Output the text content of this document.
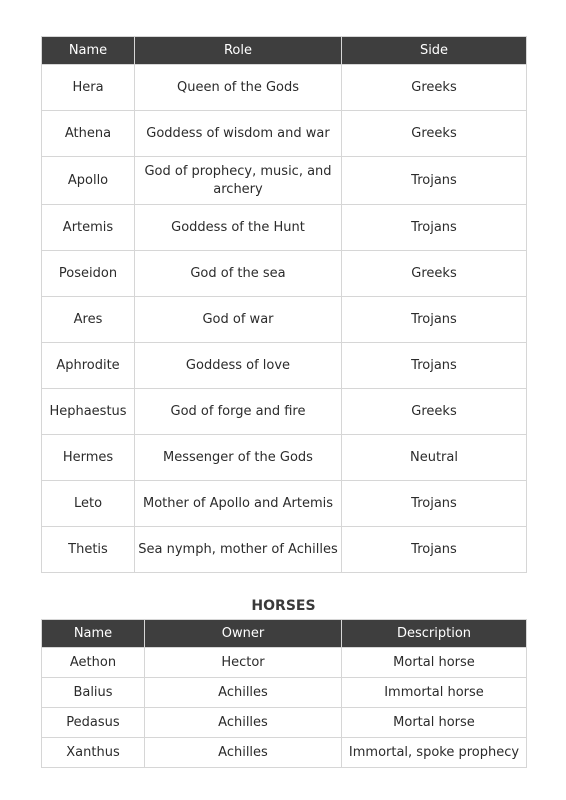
Name	Role	Side
Hera	Queen of the Gods	Greeks
Athena	Goddess of wisdom and war	Greeks
Apollo	God of prophecy, music, and archery	Trojans
Artemis	Goddess of the Hunt	Trojans
Poseidon	God of the sea	Greeks
Ares	God of war	Trojans
Aphrodite	Goddess of love	Trojans
Hephaestus	God of forge and fire	Greeks
Hermes	Messenger of the Gods	Neutral
Leto	Mother of Apollo and Artemis	Trojans
Thetis	Sea nymph, mother of Achilles	Trojans
HORSES
Name	Owner	Description
Aethon	Hector	Mortal horse
Balius	Achilles	Immortal horse
Pedasus	Achilles	Mortal horse
Xanthus	Achilles	Immortal, spoke prophecy
